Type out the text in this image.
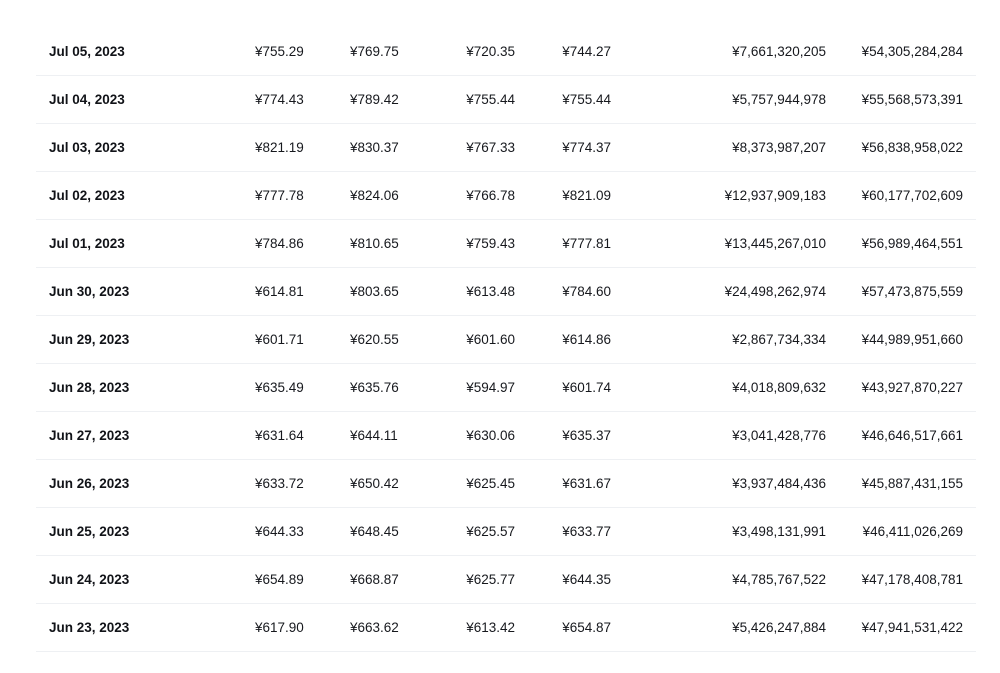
Jul 05, 2023	¥755.29	¥769.75	¥720.35	¥744.27	¥7,661,320,205	¥54,305,284,284
Jul 04, 2023	¥774.43	¥789.42	¥755.44	¥755.44	¥5,757,944,978	¥55,568,573,391
Jul 03, 2023	¥821.19	¥830.37	¥767.33	¥774.37	¥8,373,987,207	¥56,838,958,022
Jul 02, 2023	¥777.78	¥824.06	¥766.78	¥821.09	¥12,937,909,183	¥60,177,702,609
Jul 01, 2023	¥784.86	¥810.65	¥759.43	¥777.81	¥13,445,267,010	¥56,989,464,551
Jun 30, 2023	¥614.81	¥803.65	¥613.48	¥784.60	¥24,498,262,974	¥57,473,875,559
Jun 29, 2023	¥601.71	¥620.55	¥601.60	¥614.86	¥2,867,734,334	¥44,989,951,660
Jun 28, 2023	¥635.49	¥635.76	¥594.97	¥601.74	¥4,018,809,632	¥43,927,870,227
Jun 27, 2023	¥631.64	¥644.11	¥630.06	¥635.37	¥3,041,428,776	¥46,646,517,661
Jun 26, 2023	¥633.72	¥650.42	¥625.45	¥631.67	¥3,937,484,436	¥45,887,431,155
Jun 25, 2023	¥644.33	¥648.45	¥625.57	¥633.77	¥3,498,131,991	¥46,411,026,269
Jun 24, 2023	¥654.89	¥668.87	¥625.77	¥644.35	¥4,785,767,522	¥47,178,408,781
Jun 23, 2023	¥617.90	¥663.62	¥613.42	¥654.87	¥5,426,247,884	¥47,941,531,422
